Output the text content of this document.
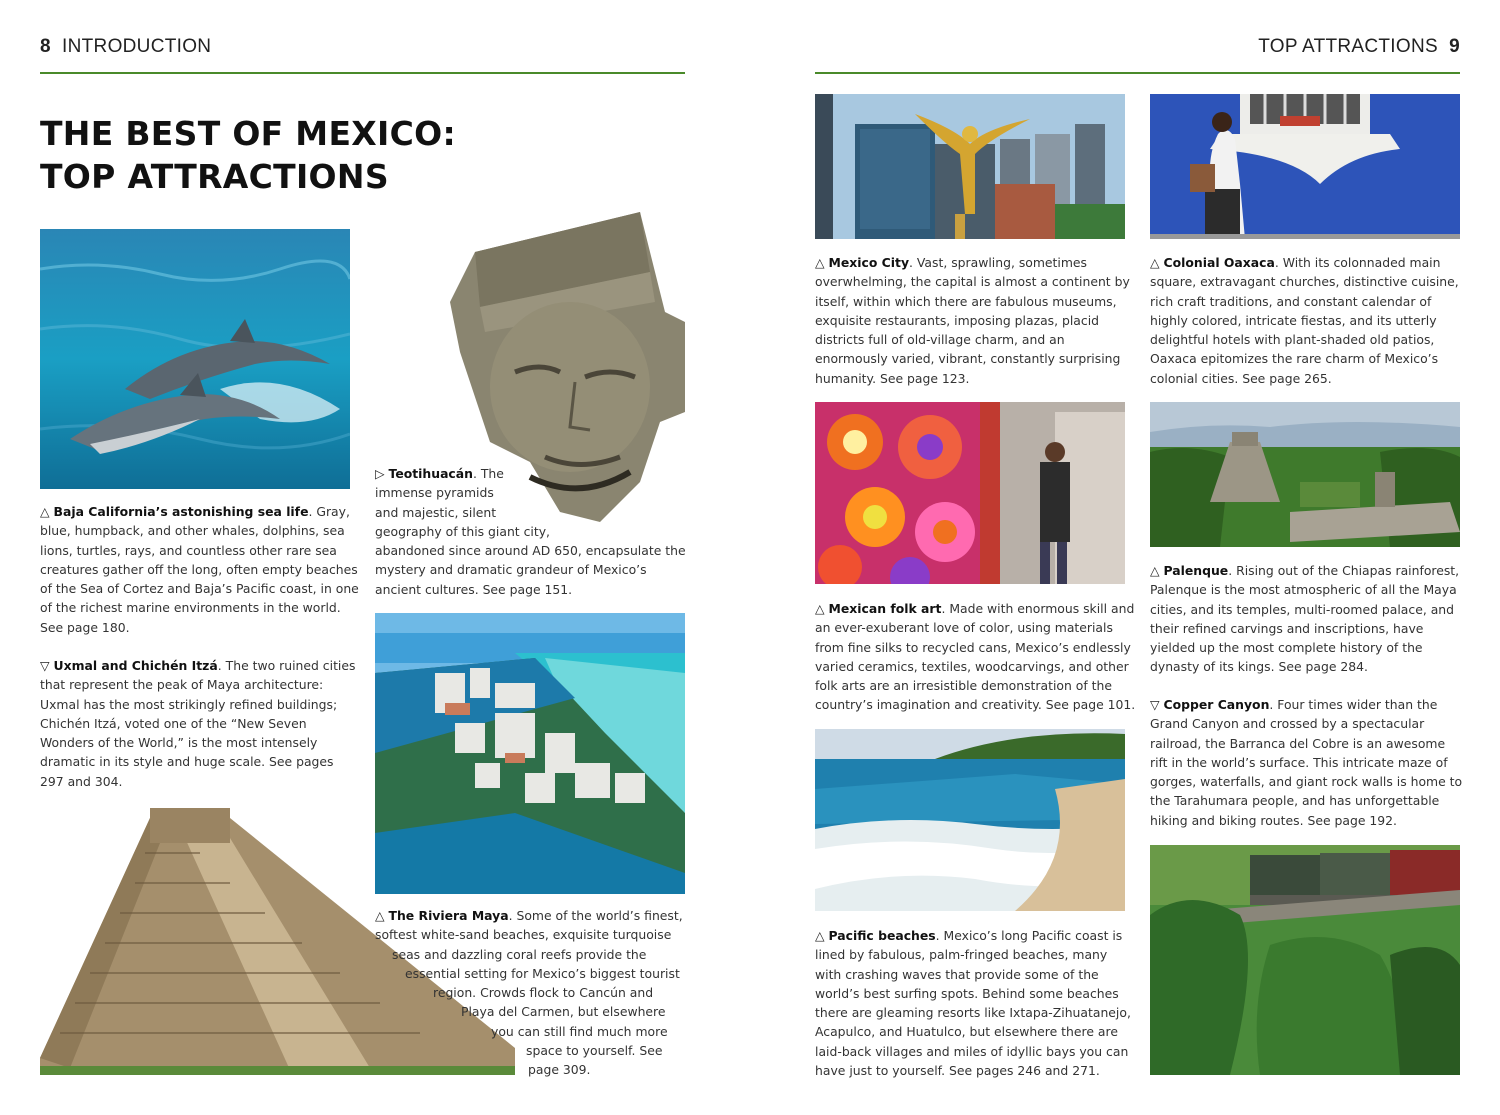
8 INTRODUCTION	TOP ATTRACTIONS 9
THE BEST OF MEXICO:
TOP ATTRACTIONS
△ Baja California’s astonishing sea life. Gray,
blue, humpback, and other whales, dolphins, sea
lions, turtles, rays, and countless other rare sea
creatures gather off the long, often empty beaches
of the Sea of Cortez and Baja’s Pacific coast, in one
of the richest marine environments in the world.
See page 180.
▽ Uxmal and Chichén Itzá. The two ruined cities
that represent the peak of Maya architecture:
Uxmal has the most strikingly refined buildings;
Chichén Itzá, voted one of the “New Seven
Wonders of the World,” is the most intensely
dramatic in its style and huge scale. See pages
297 and 304.
▷ Teotihuacán. The
immense pyramids
and majestic, silent
geography of this giant city,
abandoned since around AD 650, encapsulate the
mystery and dramatic grandeur of Mexico’s
ancient cultures. See page 151.
△ The Riviera Maya. Some of the world’s finest,
softest white-sand beaches, exquisite turquoise
seas and dazzling coral reefs provide the
essential setting for Mexico’s biggest tourist
region. Crowds flock to Cancún and
Playa del Carmen, but elsewhere
you can still find much more
space to yourself. See
page 309.
△ Mexico City. Vast, sprawling, sometimes
overwhelming, the capital is almost a continent by
itself, within which there are fabulous museums,
exquisite restaurants, imposing plazas, placid
districts full of old-village charm, and an
enormously varied, vibrant, constantly surprising
humanity. See page 123.
△ Colonial Oaxaca. With its colonnaded main
square, extravagant churches, distinctive cuisine,
rich craft traditions, and constant calendar of
highly colored, intricate fiestas, and its utterly
delightful hotels with plant-shaded old patios,
Oaxaca epitomizes the rare charm of Mexico’s
colonial cities. See page 265.
△ Mexican folk art. Made with enormous skill and
an ever-exuberant love of color, using materials
from fine silks to recycled cans, Mexico’s endlessly
varied ceramics, textiles, woodcarvings, and other
folk arts are an irresistible demonstration of the
country’s imagination and creativity. See page 101.
△ Palenque. Rising out of the Chiapas rainforest,
Palenque is the most atmospheric of all the Maya
cities, and its temples, multi-roomed palace, and
their refined carvings and inscriptions, have
yielded up the most complete history of the
dynasty of its kings. See page 284.
▽ Copper Canyon. Four times wider than the
Grand Canyon and crossed by a spectacular
railroad, the Barranca del Cobre is an awesome
rift in the world’s surface. This intricate maze of
gorges, waterfalls, and giant rock walls is home to
the Tarahumara people, and has unforgettable
hiking and biking routes. See page 192.
△ Pacific beaches. Mexico’s long Pacific coast is
lined by fabulous, palm-fringed beaches, many
with crashing waves that provide some of the
world’s best surfing spots. Behind some beaches
there are gleaming resorts like Ixtapa-Zihuatanejo,
Acapulco, and Huatulco, but elsewhere there are
laid-back villages and miles of idyllic bays you can
have just to yourself. See pages 246 and 271.
